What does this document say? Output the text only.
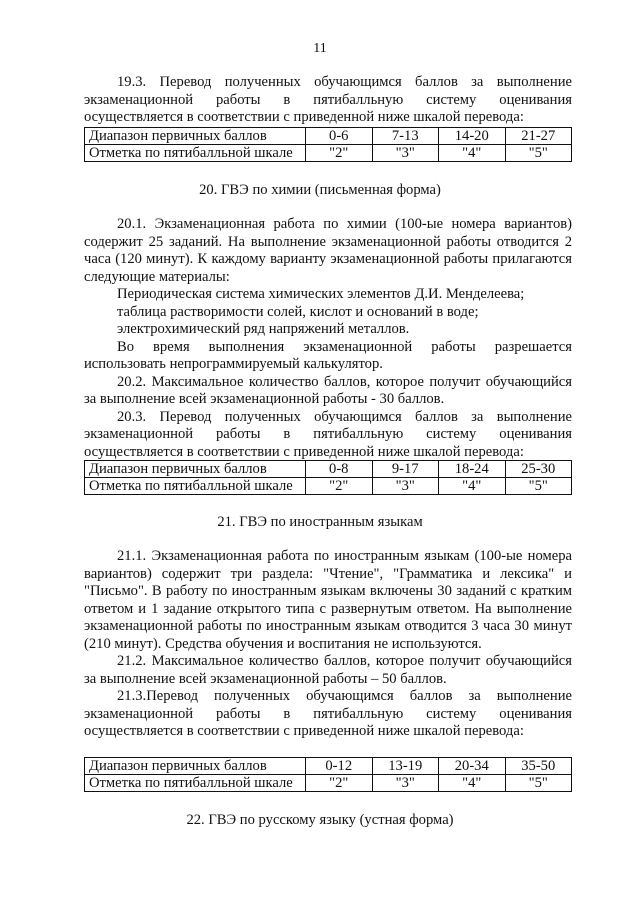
11

19.3. Перевод полученных обучающимся баллов за выполнение экзаменационной работы в пятибалльную систему оценивания осуществляется в соответствии с приведенной ниже шкалой перевода:

Диапазон первичных баллов	0-6	7-13	14-20	21-27
Отметка по пятибалльной шкале	"2"	"3"	"4"	"5"
20. ГВЭ по химии (письменная форма)

20.1. Экзаменационная работа по химии (100-ые номера вариантов) содержит 25 заданий. На выполнение экзаменационной работы отводится 2 часа (120 минут). К каждому варианту экзаменационной работы прилагаются следующие материалы:

Периодическая система химических элементов Д.И. Менделеева;
таблица растворимости солей, кислот и оснований в воде;
электрохимический ряд напряжений металлов.

Во время выполнения экзаменационной работы разрешается использовать непрограммируемый калькулятор.

20.2. Максимальное количество баллов, которое получит обучающийся за выполнение всей экзаменационной работы - 30 баллов.

20.3. Перевод полученных обучающимся баллов за выполнение экзаменационной работы в пятибалльную систему оценивания осуществляется в соответствии с приведенной ниже шкалой перевода:

Диапазон первичных баллов	0-8	9-17	18-24	25-30
Отметка по пятибалльной шкале	"2"	"3"	"4"	"5"
21. ГВЭ по иностранным языкам

21.1. Экзаменационная работа по иностранным языкам (100-ые номера вариантов) содержит три раздела: "Чтение", "Грамматика и лексика" и "Письмо". В работу по иностранным языкам включены 30 заданий с кратким ответом и 1 задание открытого типа с развернутым ответом. На выполнение экзаменационной работы по иностранным языкам отводится 3 часа 30 минут (210 минут). Средства обучения и воспитания не используются.

21.2. Максимальное количество баллов, которое получит обучающийся за выполнение всей экзаменационной работы – 50 баллов.

21.3.Перевод полученных обучающимся баллов за выполнение экзаменационной работы в пятибалльную систему оценивания осуществляется в соответствии с приведенной ниже шкалой перевода:

Диапазон первичных баллов	0-12	13-19	20-34	35-50
Отметка по пятибалльной шкале	"2"	"3"	"4"	"5"
22. ГВЭ по русскому языку (устная форма)
